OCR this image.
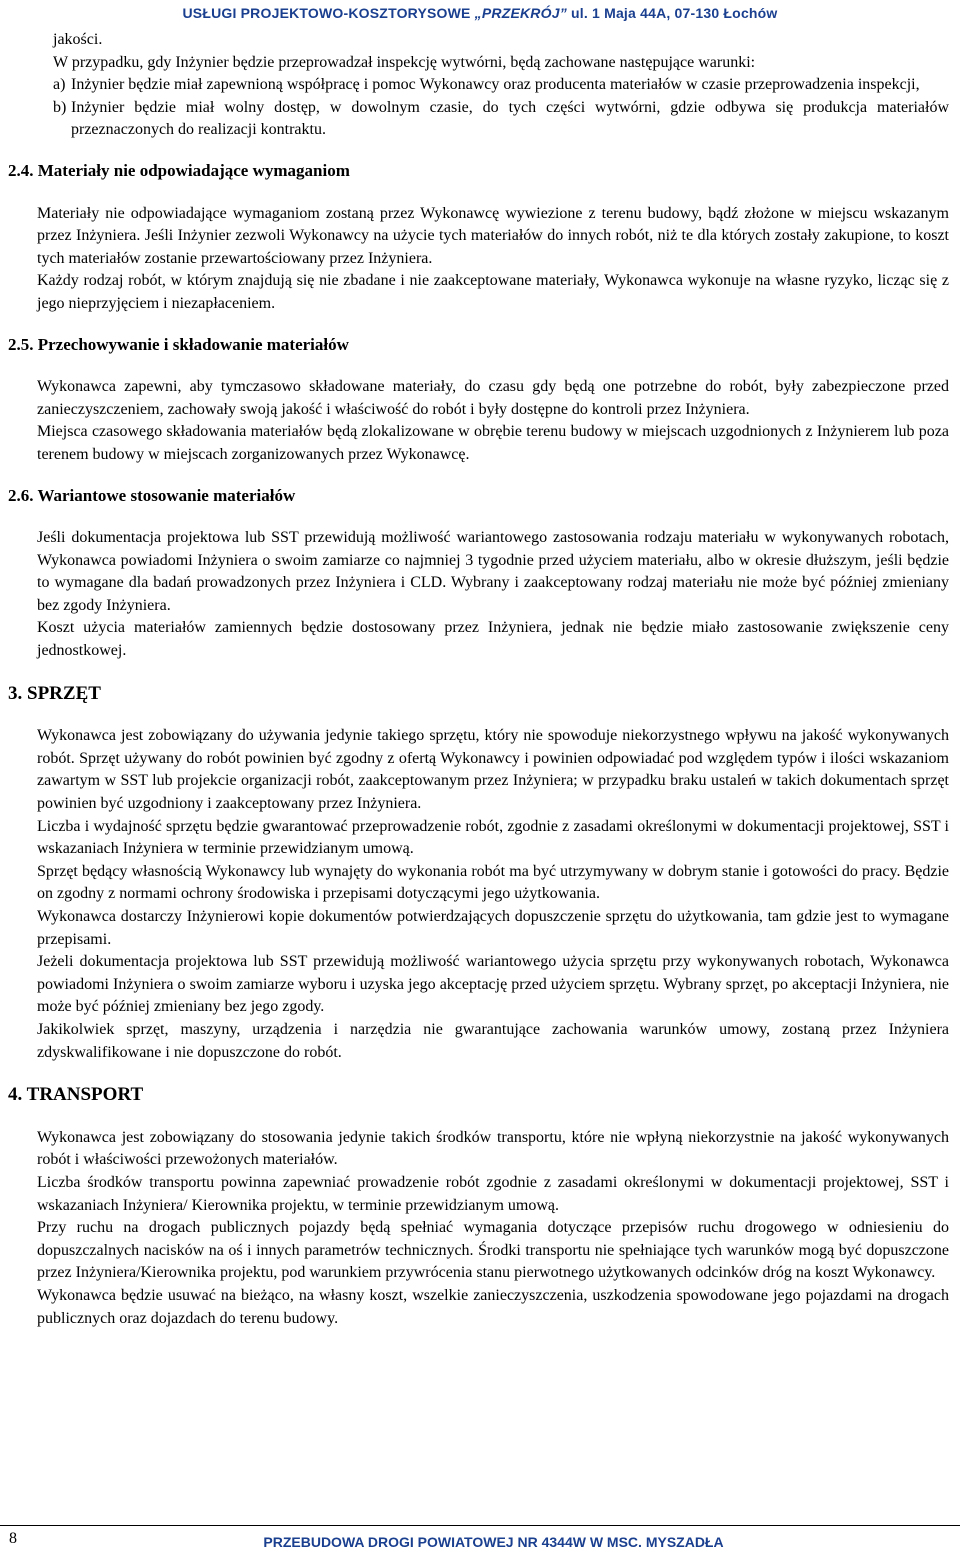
USŁUGI PROJEKTOWO-KOSZTORYSOWE „PRZEKRÓJ” ul. 1 Maja 44A, 07-130 Łochów

jakości.

W przypadku, gdy Inżynier będzie przeprowadzał inspekcję wytwórni, będą zachowane następujące warunki:

a) Inżynier będzie miał zapewnioną współpracę i pomoc Wykonawcy oraz producenta materiałów w czasie przeprowadzenia inspekcji,
b) Inżynier będzie miał wolny dostęp, w dowolnym czasie, do tych części wytwórni, gdzie odbywa się produkcja materiałów przeznaczonych do realizacji kontraktu.

2.4. Materiały nie odpowiadające wymaganiom

Materiały nie odpowiadające wymaganiom zostaną przez Wykonawcę wywiezione z terenu budowy, bądź złożone w miejscu wskazanym przez Inżyniera. Jeśli Inżynier zezwoli Wykonawcy na użycie tych materiałów do innych robót, niż te dla których zostały zakupione, to koszt tych materiałów zostanie przewartościowany przez Inżyniera.

Każdy rodzaj robót, w którym znajdują się nie zbadane i nie zaakceptowane materiały, Wykonawca wykonuje na własne ryzyko, licząc się z jego nieprzyjęciem i niezapłaceniem.

2.5. Przechowywanie i składowanie materiałów

Wykonawca zapewni, aby tymczasowo składowane materiały, do czasu gdy będą one potrzebne do robót, były zabezpieczone przed zanieczyszczeniem, zachowały swoją jakość i właściwość do robót i były dostępne do kontroli przez Inżyniera.

Miejsca czasowego składowania materiałów będą zlokalizowane w obrębie terenu budowy w miejscach uzgodnionych z Inżynierem lub poza terenem budowy w miejscach zorganizowanych przez Wykonawcę.

2.6. Wariantowe stosowanie materiałów

Jeśli dokumentacja projektowa lub SST przewidują możliwość wariantowego zastosowania rodzaju materiału w wykonywanych robotach, Wykonawca powiadomi Inżyniera o swoim zamiarze co najmniej 3 tygodnie przed użyciem materiału, albo w okresie dłuższym, jeśli będzie to wymagane dla badań prowadzonych przez Inżyniera i CLD. Wybrany i zaakceptowany rodzaj materiału nie może być później zmieniany bez zgody Inżyniera.

Koszt użycia materiałów zamiennych będzie dostosowany przez Inżyniera, jednak nie będzie miało zastosowanie zwiększenie ceny jednostkowej.

3. SPRZĘT

Wykonawca jest zobowiązany do używania jedynie takiego sprzętu, który nie spowoduje niekorzystnego wpływu na jakość wykonywanych robót. Sprzęt używany do robót powinien być zgodny z ofertą Wykonawcy i powinien odpowiadać pod względem typów i ilości wskazaniom zawartym w SST lub projekcie organizacji robót, zaakceptowanym przez Inżyniera; w przypadku braku ustaleń w takich dokumentach sprzęt powinien być uzgodniony i zaakceptowany przez Inżyniera.

Liczba i wydajność sprzętu będzie gwarantować przeprowadzenie robót, zgodnie z zasadami określonymi w dokumentacji projektowej, SST i wskazaniach Inżyniera w terminie przewidzianym umową.

Sprzęt będący własnością Wykonawcy lub wynajęty do wykonania robót ma być utrzymywany w dobrym stanie i gotowości do pracy. Będzie on zgodny z normami ochrony środowiska i przepisami dotyczącymi jego użytkowania.

Wykonawca dostarczy Inżynierowi kopie dokumentów potwierdzających dopuszczenie sprzętu do użytkowania, tam gdzie jest to wymagane przepisami.

Jeżeli dokumentacja projektowa lub SST przewidują możliwość wariantowego użycia sprzętu przy wykonywanych robotach, Wykonawca powiadomi Inżyniera o swoim zamiarze wyboru i uzyska jego akceptację przed użyciem sprzętu. Wybrany sprzęt, po akceptacji Inżyniera, nie może być później zmieniany bez jego zgody.

Jakikolwiek sprzęt, maszyny, urządzenia i narzędzia nie gwarantujące zachowania warunków umowy, zostaną przez Inżyniera zdyskwalifikowane i nie dopuszczone do robót.

4. TRANSPORT

Wykonawca jest zobowiązany do stosowania jedynie takich środków transportu, które nie wpłyną niekorzystnie na jakość wykonywanych robót i właściwości przewożonych materiałów.

Liczba środków transportu powinna zapewniać prowadzenie robót zgodnie z zasadami określonymi w dokumentacji projektowej, SST i wskazaniach Inżyniera/ Kierownika projektu, w terminie przewidzianym umową.

Przy ruchu na drogach publicznych pojazdy będą spełniać wymagania dotyczące przepisów ruchu drogowego w odniesieniu do dopuszczalnych nacisków na oś i innych parametrów technicznych. Środki transportu nie spełniające tych warunków mogą być dopuszczone przez Inżyniera/Kierownika projektu, pod warunkiem przywrócenia stanu pierwotnego użytkowanych odcinków dróg na koszt Wykonawcy.

Wykonawca będzie usuwać na bieżąco, na własny koszt, wszelkie zanieczyszczenia, uszkodzenia spowodowane jego pojazdami na drogach publicznych oraz dojazdach do terenu budowy.

8	PRZEBUDOWA DROGI POWIATOWEJ NR 4344W W MSC. MYSZADŁA
